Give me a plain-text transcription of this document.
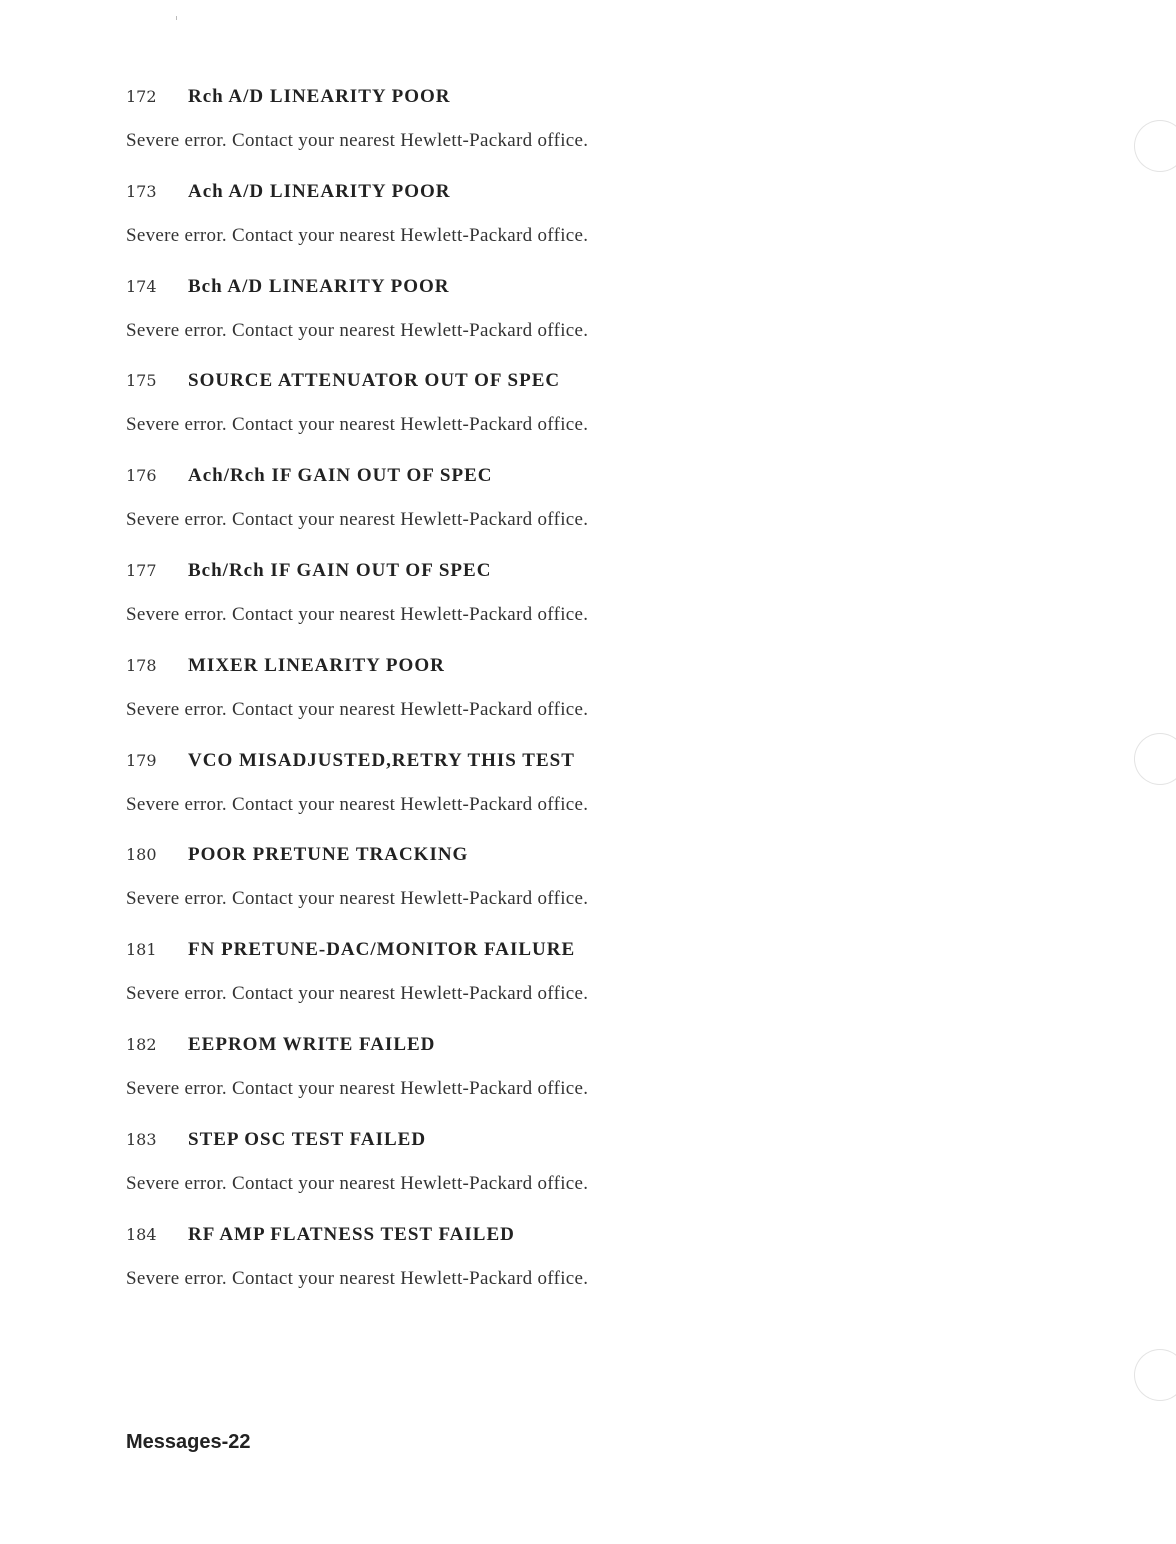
172 Rch A/D LINEARITY POOR
Severe error. Contact your nearest Hewlett-Packard office.
173 Ach A/D LINEARITY POOR
Severe error. Contact your nearest Hewlett-Packard office.
174 Bch A/D LINEARITY POOR
Severe error. Contact your nearest Hewlett-Packard office.
175 SOURCE ATTENUATOR OUT OF SPEC
Severe error. Contact your nearest Hewlett-Packard office.
176 Ach/Rch IF GAIN OUT OF SPEC
Severe error. Contact your nearest Hewlett-Packard office.
177 Bch/Rch IF GAIN OUT OF SPEC
Severe error. Contact your nearest Hewlett-Packard office.
178 MIXER LINEARITY POOR
Severe error. Contact your nearest Hewlett-Packard office.
179 VCO MISADJUSTED,RETRY THIS TEST
Severe error. Contact your nearest Hewlett-Packard office.
180 POOR PRETUNE TRACKING
Severe error. Contact your nearest Hewlett-Packard office.
181 FN PRETUNE-DAC/MONITOR FAILURE
Severe error. Contact your nearest Hewlett-Packard office.
182 EEPROM WRITE FAILED
Severe error. Contact your nearest Hewlett-Packard office.
183 STEP OSC TEST FAILED
Severe error. Contact your nearest Hewlett-Packard office.
184 RF AMP FLATNESS TEST FAILED
Severe error. Contact your nearest Hewlett-Packard office.
Messages-22
